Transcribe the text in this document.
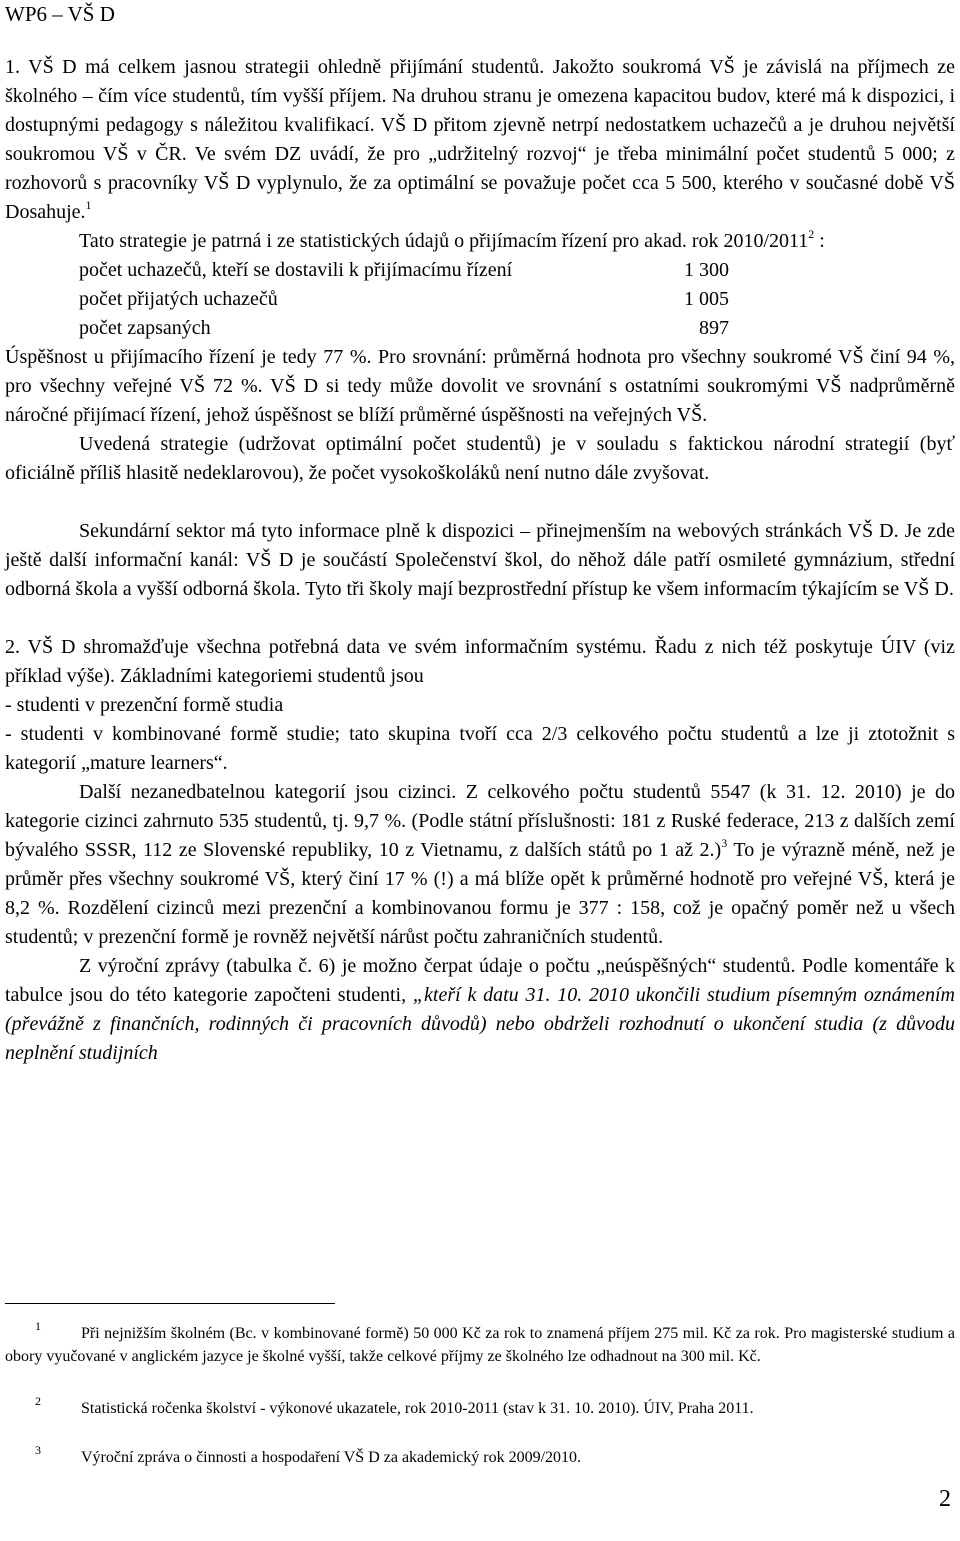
WP6 – VŠ D

1. VŠ D má celkem jasnou strategii ohledně přijímání studentů. Jakožto soukromá VŠ je závislá na příjmech ze školného – čím více studentů, tím vyšší příjem. Na druhou stranu je omezena kapacitou budov, které má k dispozici, i dostupnými pedagogy s náležitou kvalifikací. VŠ D přitom zjevně netrpí nedostatkem uchazečů a je druhou největší soukromou VŠ v ČR. Ve svém DZ uvádí, že pro „udržitelný rozvoj“ je třeba minimální počet studentů 5 000; z rozhovorů s pracovníky VŠ D vyplynulo, že za optimální se považuje počet cca 5 500, kterého v současné době VŠ Dosahuje.$^1$

Tato strategie je patrná i ze statistických údajů o přijímacím řízení pro akad. rok 2010/2011$^2$ :

počet uchazečů, kteří se dostavili k přijímacímu řízení	1 300
počet přijatých uchazečů	1 005
počet zapsaných	897

Úspěšnost u přijímacího řízení je tedy 77 %. Pro srovnání: průměrná hodnota pro všechny soukromé VŠ činí 94 %, pro všechny veřejné VŠ 72 %. VŠ D si tedy může dovolit ve srovnání s ostatními soukromými VŠ nadprůměrně náročné přijímací řízení, jehož úspěšnost se blíží průměrné úspěšnosti na veřejných VŠ.

Uvedená strategie (udržovat optimální počet studentů) je v souladu s faktickou národní strategií (byť oficiálně příliš hlasitě nedeklarovou), že počet vysokoškoláků není nutno dále zvyšovat.

Sekundární sektor má tyto informace plně k dispozici – přinejmenším na webových stránkách VŠ D. Je zde ještě další informační kanál: VŠ D je součástí Společenství škol, do něhož dále patří osmileté gymnázium, střední odborná škola a vyšší odborná škola. Tyto tři školy mají bezprostřední přístup ke všem informacím týkajícím se VŠ D.

2. VŠ D shromažďuje všechna potřebná data ve svém informačním systému. Řadu z nich též poskytuje ÚIV (viz příklad výše). Základními kategoriemi studentů jsou

- studenti v prezenční formě studia

- studenti v kombinované formě studie; tato skupina tvoří cca 2/3 celkového počtu studentů a lze ji ztotožnit s kategorií „mature learners“.

Další nezanedbatelnou kategorií jsou cizinci. Z celkového počtu studentů 5547 (k 31. 12. 2010) je do kategorie cizinci zahrnuto 535 studentů, tj. 9,7 %. (Podle státní příslušnosti: 181 z Ruské federace, 213 z dalších zemí bývalého SSSR, 112 ze Slovenské republiky, 10 z Vietnamu, z dalších států po 1 až 2.)$^3$ To je výrazně méně, než je průměr přes všechny soukromé VŠ, který činí 17 % (!) a má blíže opět k průměrné hodnotě pro veřejné VŠ, která je 8,2 %. Rozdělení cizinců mezi prezenční a kombinovanou formu je 377 : 158, což je opačný poměr než u všech studentů; v prezenční formě je rovněž největší nárůst počtu zahraničních studentů.

Z výroční zprávy (tabulka č. 6) je možno čerpat údaje o počtu „neúspěšných“ studentů. Podle komentáře k tabulce jsou do této kategorie započteni studenti, „kteří k datu 31. 10. 2010 ukončili studium písemným oznámením (převážně z finančních, rodinných či pracovních důvodů) nebo obdrželi rozhodnutí o ukončení studia (z důvodu neplnění studijních

1	Při nejnižším školném (Bc. v kombinované formě) 50 000 Kč za rok to znamená příjem 275 mil. Kč za rok. Pro magisterské studium a obory vyučované v anglickém jazyce je školné vyšší, takže celkové příjmy ze školného lze odhadnout na 300 mil. Kč.
2	Statistická ročenka školství - výkonové ukazatele, rok 2010-2011 (stav k 31. 10. 2010). ÚIV, Praha 2011.
3	Výroční zpráva o činnosti a hospodaření VŠ D za akademický rok 2009/2010.
2
